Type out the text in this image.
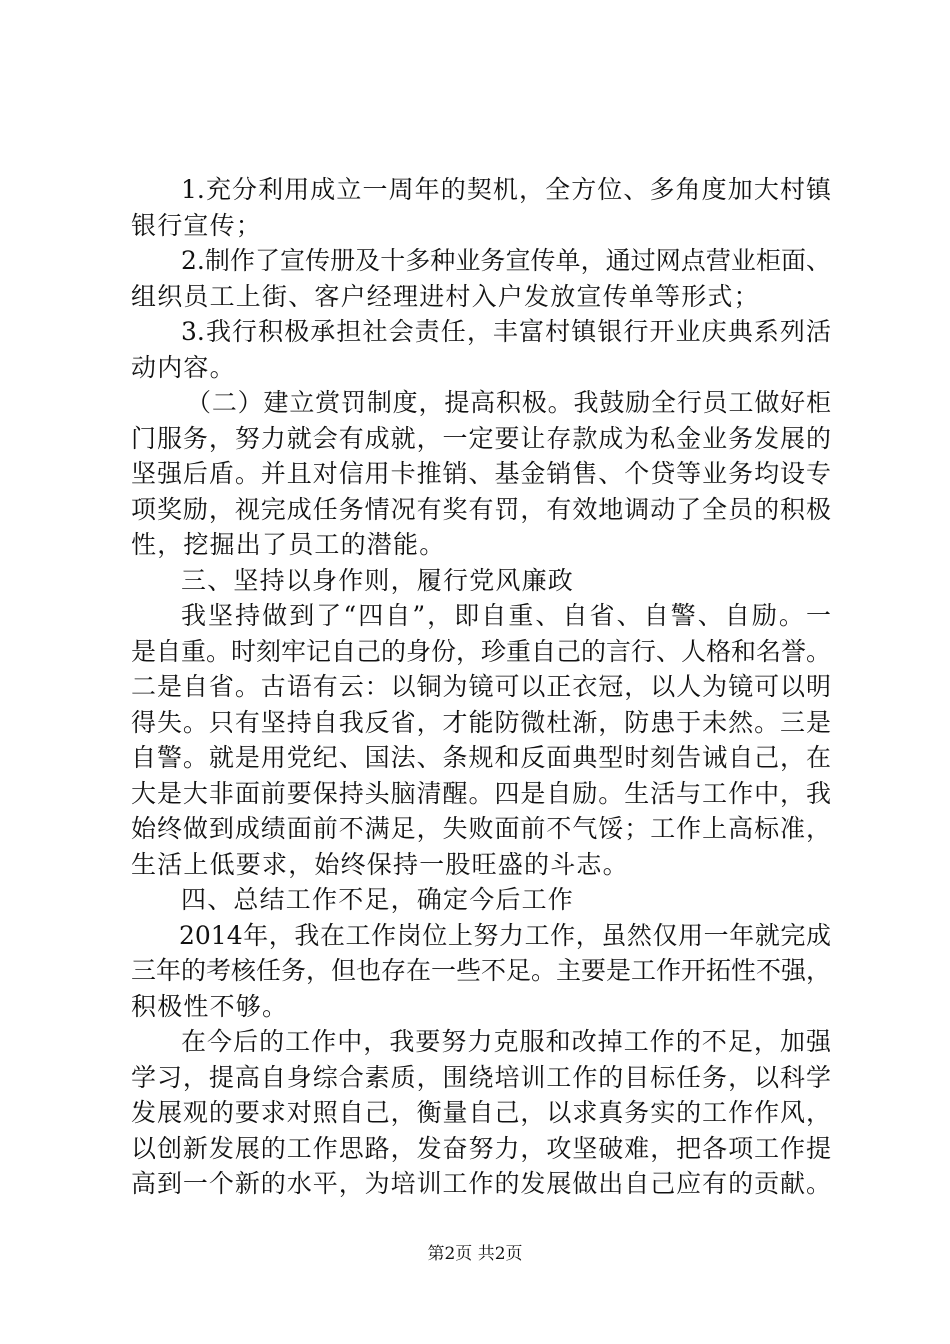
1.充分利用成立一周年的契机，全方位、多角度加大村镇
银行宣传；
2.制作了宣传册及十多种业务宣传单，通过网点营业柜面、
组织员工上街、客户经理进村入户发放宣传单等形式；
3.我行积极承担社会责任，丰富村镇银行开业庆典系列活
动内容。
（二）建立赏罚制度，提高积极。我鼓励全行员工做好柜
门服务，努力就会有成就，一定要让存款成为私金业务发展的
坚强后盾。并且对信用卡推销、基金销售、个贷等业务均设专
项奖励，视完成任务情况有奖有罚，有效地调动了全员的积极
性，挖掘出了员工的潜能。
三、坚持以身作则，履行党风廉政
我坚持做到了“四自”，即自重、自省、自警、自励。一
是自重。时刻牢记自己的身份，珍重自己的言行、人格和名誉。
二是自省。古语有云：以铜为镜可以正衣冠，以人为镜可以明
得失。只有坚持自我反省，才能防微杜渐，防患于未然。三是
自警。就是用党纪、国法、条规和反面典型时刻告诫自己，在
大是大非面前要保持头脑清醒。四是自励。生活与工作中，我
始终做到成绩面前不满足，失败面前不气馁；工作上高标准，
生活上低要求，始终保持一股旺盛的斗志。
四、总结工作不足，确定今后工作
2014年，我在工作岗位上努力工作，虽然仅用一年就完成
三年的考核任务，但也存在一些不足。主要是工作开拓性不强，
积极性不够。
在今后的工作中，我要努力克服和改掉工作的不足，加强
学习，提高自身综合素质，围绕培训工作的目标任务，以科学
发展观的要求对照自己，衡量自己，以求真务实的工作作风，
以创新发展的工作思路，发奋努力，攻坚破难，把各项工作提
高到一个新的水平，为培训工作的发展做出自己应有的贡献。
第2页 共2页
